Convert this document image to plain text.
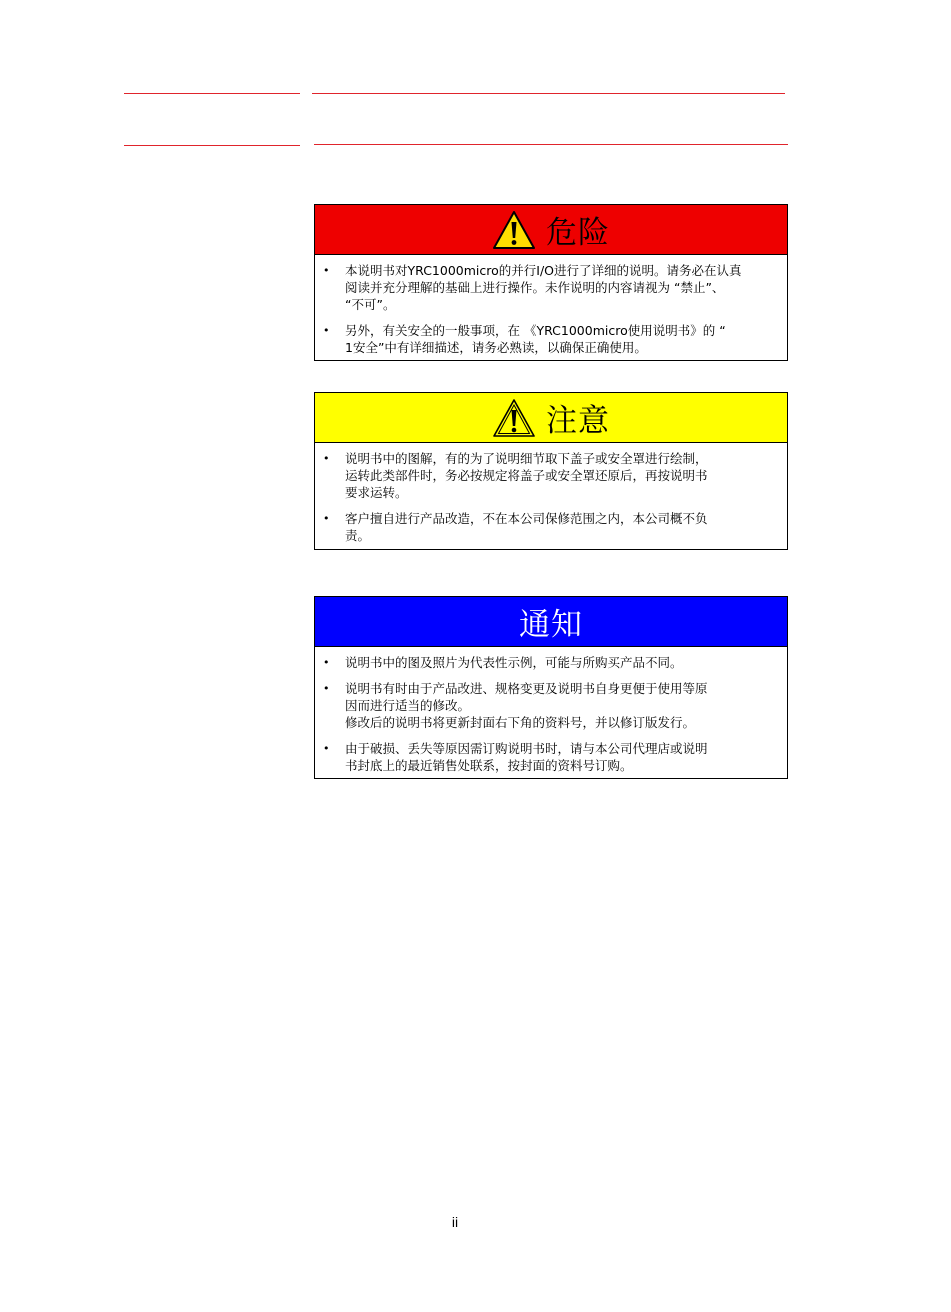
危险
• 本说明书对YRC1000micro的并行I/O进行了详细的说明。请务必在认真
阅读并充分理解的基础上进行操作。未作说明的内容请视为 “禁止”、
“不可”。
• 另外，有关安全的一般事项，在 《YRC1000micro使用说明书》的 “
1安全”中有详细描述，请务必熟读，以确保正确使用。
注意
• 说明书中的图解，有的为了说明细节取下盖子或安全罩进行绘制，
运转此类部件时，务必按规定将盖子或安全罩还原后，再按说明书
要求运转。
• 客户擅自进行产品改造，不在本公司保修范围之内，本公司概不负
责。
通知
• 说明书中的图及照片为代表性示例，可能与所购买产品不同。
• 说明书有时由于产品改进、规格变更及说明书自身更便于使用等原
因而进行适当的修改。
修改后的说明书将更新封面右下角的资料号，并以修订版发行。
• 由于破损、丢失等原因需订购说明书时，请与本公司代理店或说明
书封底上的最近销售处联系，按封面的资料号订购。
ii
